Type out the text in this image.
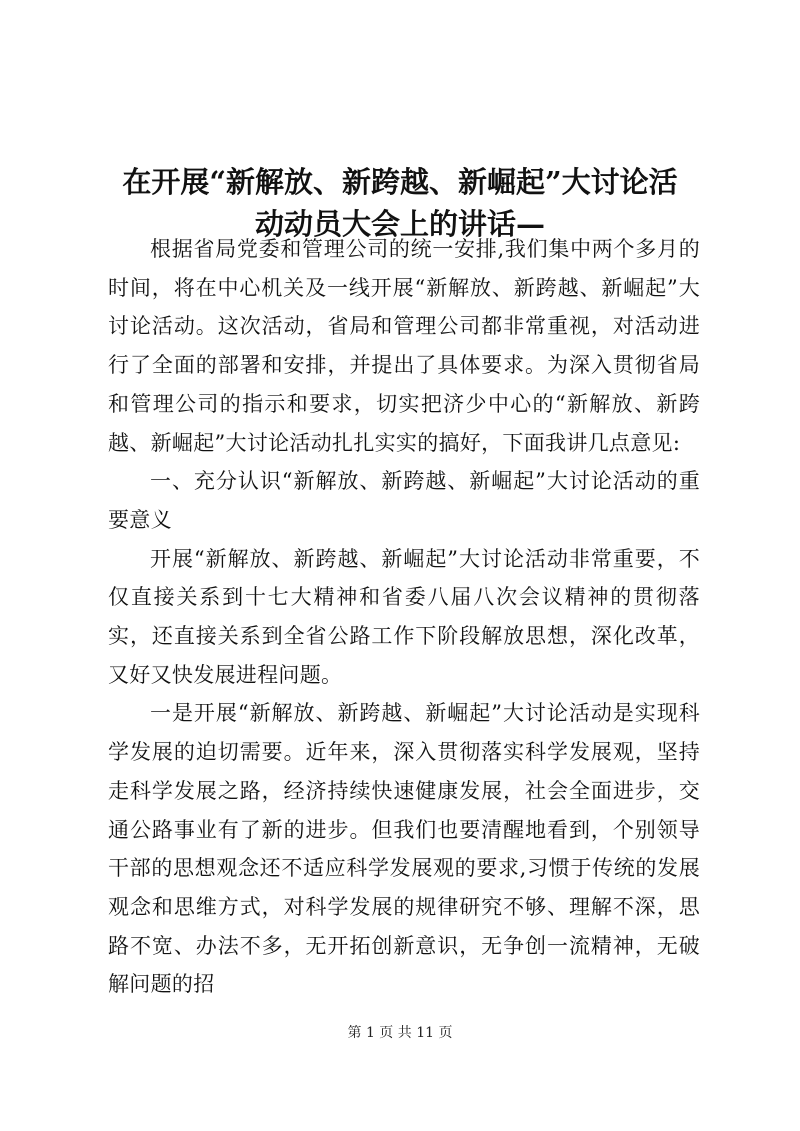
在开展“新解放、新跨越、新崛起”大讨论活
动动员大会上的讲话—

根据省局党委和管理公司的统一安排,我们集中两个多月的时间，将在中心机关及一线开展“新解放、新跨越、新崛起”大讨论活动。这次活动，省局和管理公司都非常重视，对活动进行了全面的部署和安排，并提出了具体要求。为深入贯彻省局和管理公司的指示和要求，切实把济少中心的“新解放、新跨越、新崛起”大讨论活动扎扎实实的搞好，下面我讲几点意见:

一、充分认识“新解放、新跨越、新崛起”大讨论活动的重要意义

开展“新解放、新跨越、新崛起”大讨论活动非常重要，不仅直接关系到十七大精神和省委八届八次会议精神的贯彻落实，还直接关系到全省公路工作下阶段解放思想，深化改革，又好又快发展进程问题。

一是开展“新解放、新跨越、新崛起”大讨论活动是实现科学发展的迫切需要。近年来，深入贯彻落实科学发展观，坚持走科学发展之路，经济持续快速健康发展，社会全面进步，交通公路事业有了新的进步。但我们也要清醒地看到，个别领导干部的思想观念还不适应科学发展观的要求,习惯于传统的发展观念和思维方式，对科学发展的规律研究不够、理解不深，思路不宽、办法不多，无开拓创新意识，无争创一流精神，无破解问题的招

第 1 页 共 11 页
